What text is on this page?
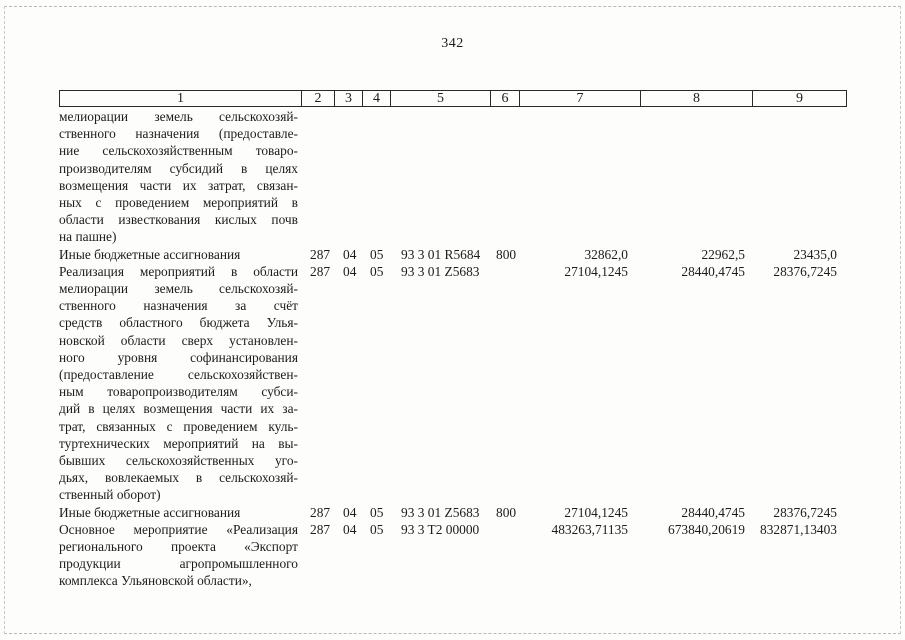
342
1	2	3	4	5	6	7	8	9
мелиорации земель сельскохозяй-
ственного назначения (предоставле-
ние сельскохозяйственным товаро-
производителям субсидий в целях
возмещения части их затрат, связан-
ных с проведением мероприятий в
области известкования кислых почв
на пашне)
Иные бюджетные ассигнования	287 04 05 93 3 01 R5684 800	32862,0	22962,5	23435,0
Реализация мероприятий в области
мелиорации земель сельскохозяй-
ственного назначения за счёт
средств областного бюджета Улья-
новской области сверх установлен-
ного уровня софинансирования
(предоставление сельскохозяйствен-
ным товаропроизводителям субси-
дий в целях возмещения части их за-
трат, связанных с проведением куль-
туртехнических мероприятий на вы-
бывших сельскохозяйственных уго-
дьях, вовлекаемых в сельскохозяй-
ственный оборот)
287 04 05 93 3 01 Z5683	27104,1245	28440,4745	28376,7245
Иные бюджетные ассигнования	287 04 05 93 3 01 Z5683 800	27104,1245	28440,4745	28376,7245
Основное мероприятие «Реализация
регионального проекта «Экспорт
продукции агропромышленного
комплекса Ульяновской области»,
287 04 05 93 3 T2 00000	483263,71135	673840,20619	832871,13403
